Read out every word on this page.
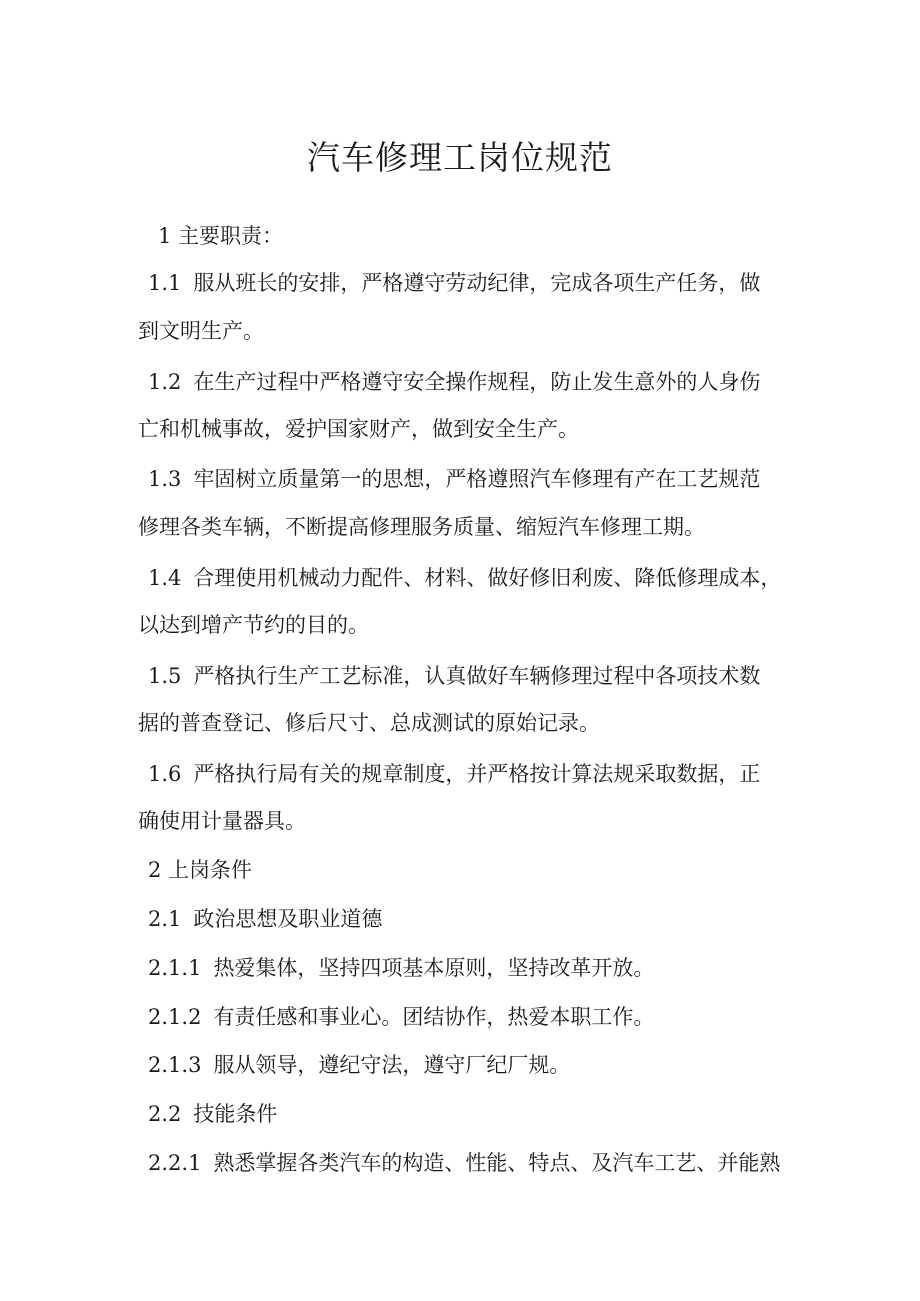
汽车修理工岗位规范

1 主要职责：

1.1 服从班长的安排，严格遵守劳动纪律，完成各项生产任务，做

到文明生产。

1.2 在生产过程中严格遵守安全操作规程，防止发生意外的人身伤

亡和机械事故，爱护国家财产，做到安全生产。

1.3 牢固树立质量第一的思想，严格遵照汽车修理有产在工艺规范

修理各类车辆，不断提高修理服务质量、缩短汽车修理工期。

1.4 合理使用机械动力配件、材料、做好修旧利废、降低修理成本，

以达到增产节约的目的。

1.5 严格执行生产工艺标准，认真做好车辆修理过程中各项技术数

据的普查登记、修后尺寸、总成测试的原始记录。

1.6 严格执行局有关的规章制度，并严格按计算法规采取数据，正

确使用计量器具。

2 上岗条件

2.1 政治思想及职业道德

2.1.1 热爱集体，坚持四项基本原则，坚持改革开放。

2.1.2 有责任感和事业心。团结协作，热爱本职工作。

2.1.3 服从领导，遵纪守法，遵守厂纪厂规。

2.2 技能条件

2.2.1 熟悉掌握各类汽车的构造、性能、特点、及汽车工艺、并能熟
